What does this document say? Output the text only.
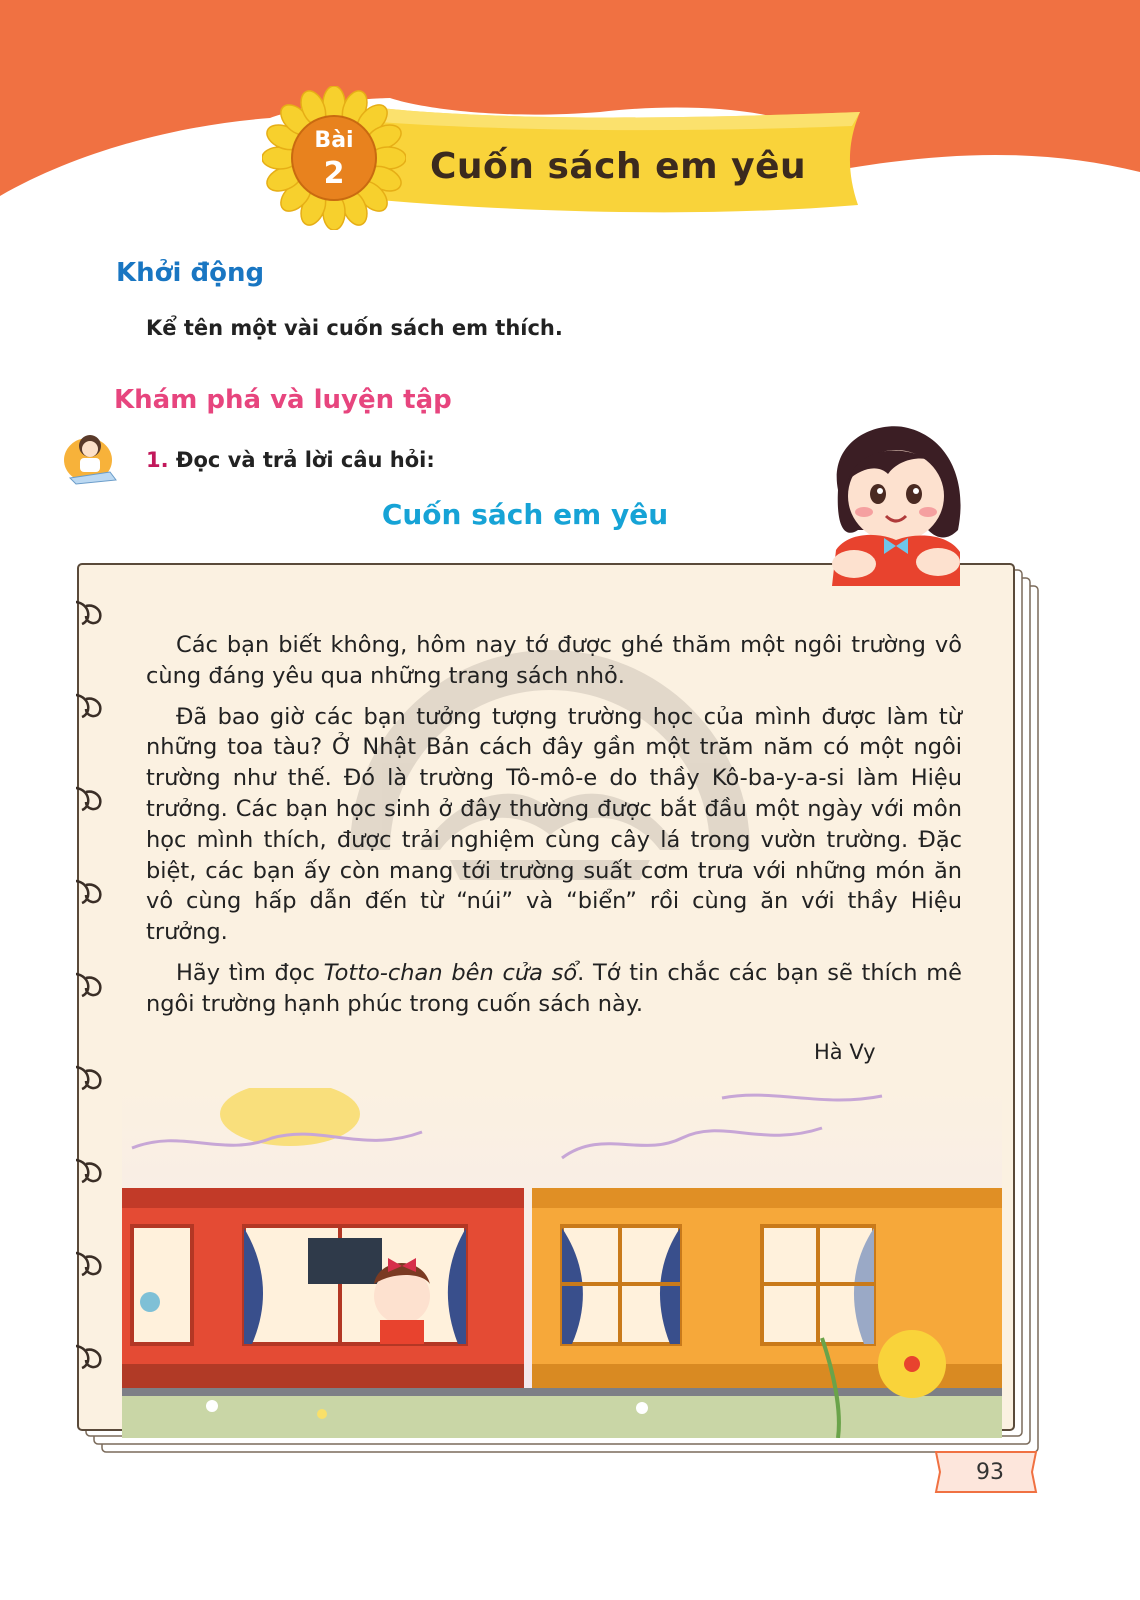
Bài
2	Cuốn sách em yêu
Khởi động
Kể tên một vài cuốn sách em thích.
Khám phá và luyện tập
1. Đọc và trả lời câu hỏi:
Cuốn sách em yêu

Các bạn biết không, hôm nay tớ được ghé thăm một ngôi trường vô cùng đáng yêu qua những trang sách nhỏ.

Đã bao giờ các bạn tưởng tượng trường học của mình được làm từ những toa tàu? Ở Nhật Bản cách đây gần một trăm năm có một ngôi trường như thế. Đó là trường Tô-mô-e do thầy Kô-ba-y-a-si làm Hiệu trưởng. Các bạn học sinh ở đây thường được bắt đầu một ngày với môn học mình thích, được trải nghiệm cùng cây lá trong vườn trường. Đặc biệt, các bạn ấy còn mang tới trường suất cơm trưa với những món ăn vô cùng hấp dẫn đến từ “núi” và “biển” rồi cùng ăn với thầy Hiệu trưởng.

Hãy tìm đọc Totto-chan bên cửa sổ. Tớ tin chắc các bạn sẽ thích mê ngôi trường hạnh phúc trong cuốn sách này.

Hà Vy
93
